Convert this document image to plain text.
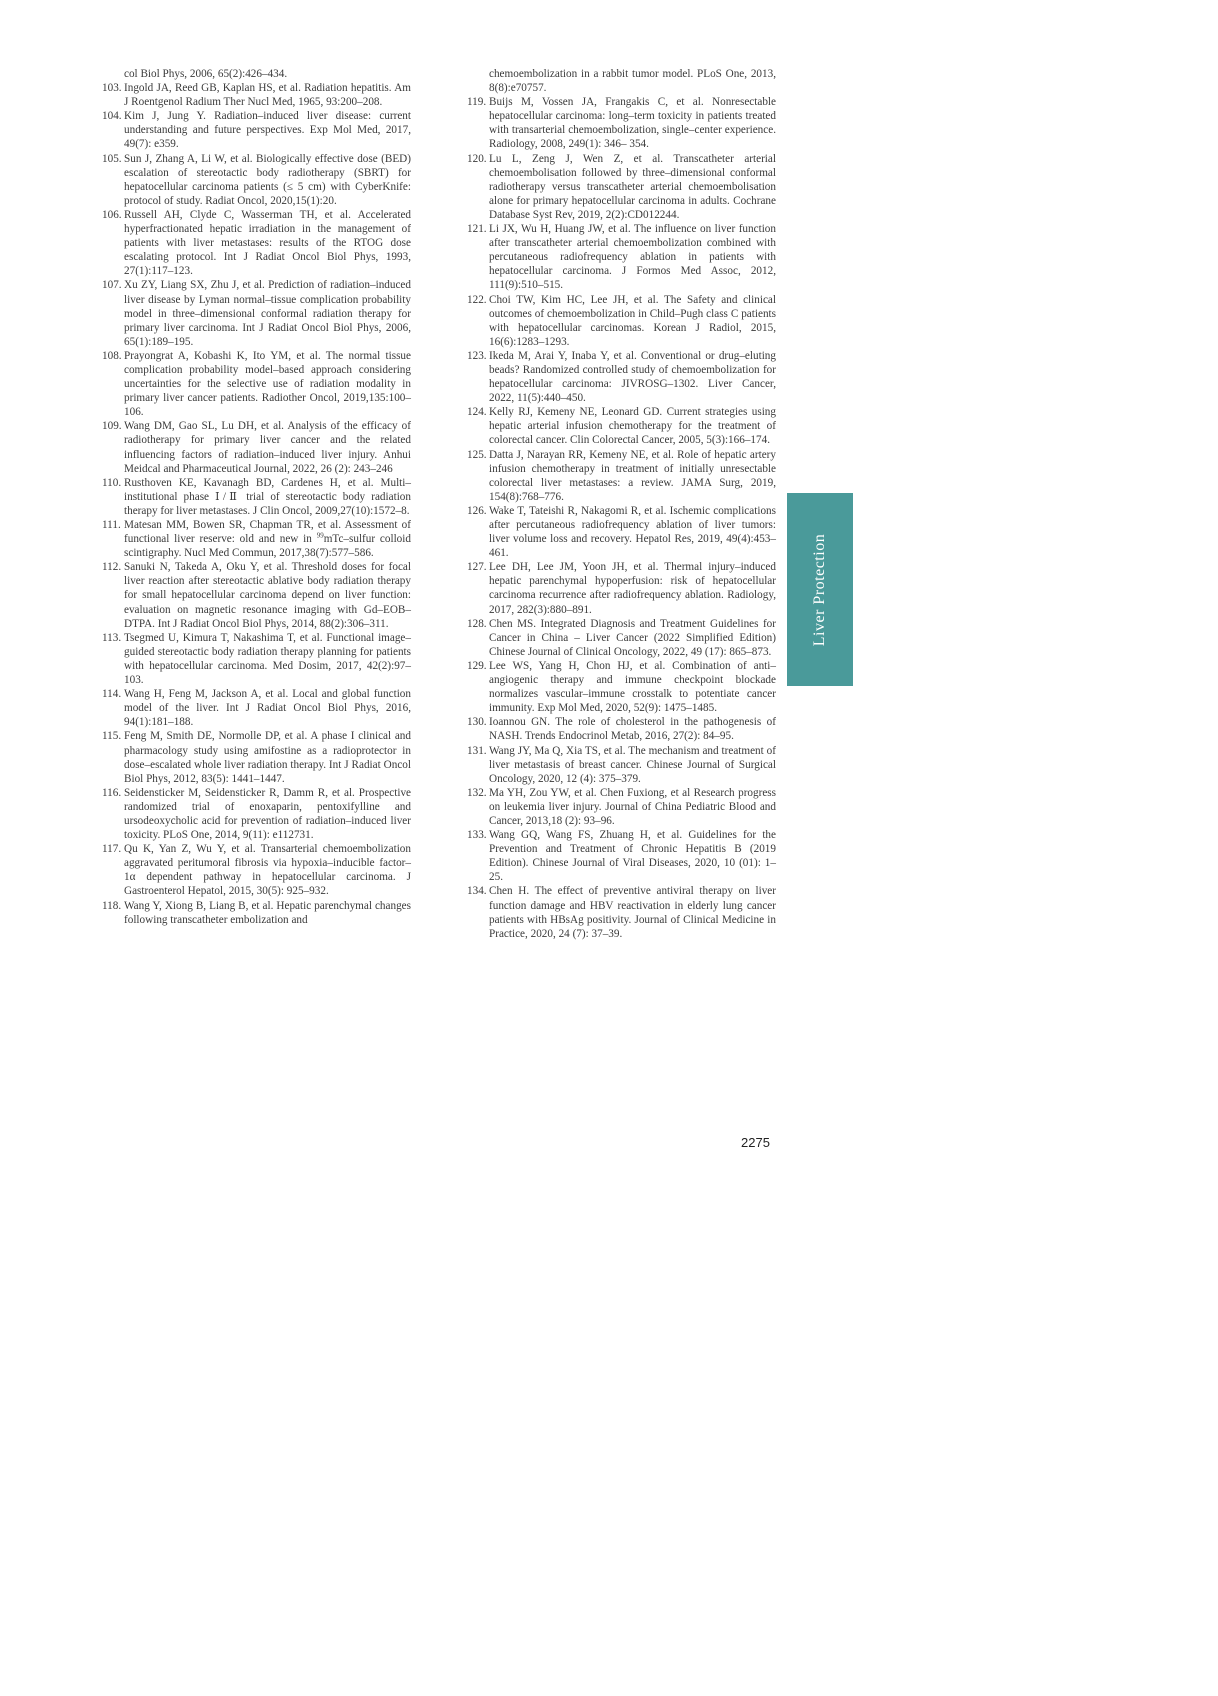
col Biol Phys, 2006, 65(2):426–434.
103. Ingold JA, Reed GB, Kaplan HS, et al. Radiation hepatitis. Am J Roentgenol Radium Ther Nucl Med, 1965, 93:200–208.
104. Kim J, Jung Y. Radiation–induced liver disease: current understanding and future perspectives. Exp Mol Med, 2017, 49(7): e359.
105. Sun J, Zhang A, Li W, et al. Biologically effective dose (BED) escalation of stereotactic body radiotherapy (SBRT) for hepatocellular carcinoma patients (≤ 5 cm) with CyberKnife: protocol of study. Radiat Oncol, 2020,15(1):20.
106. Russell AH, Clyde C, Wasserman TH, et al. Accelerated hyperfractionated hepatic irradiation in the management of patients with liver metastases: results of the RTOG dose escalating protocol. Int J Radiat Oncol Biol Phys, 1993, 27(1):117–123.
107. Xu ZY, Liang SX, Zhu J, et al. Prediction of radiation–induced liver disease by Lyman normal–tissue complication probability model in three–dimensional conformal radiation therapy for primary liver carcinoma. Int J Radiat Oncol Biol Phys, 2006, 65(1):189–195.
108. Prayongrat A, Kobashi K, Ito YM, et al. The normal tissue complication probability model–based approach considering uncertainties for the selective use of radiation modality in primary liver cancer patients. Radiother Oncol, 2019,135:100–106.
109. Wang DM, Gao SL, Lu DH, et al. Analysis of the efficacy of radiotherapy for primary liver cancer and the related influencing factors of radiation–induced liver injury. Anhui Meidcal and Pharmaceutical Journal, 2022, 26 (2): 243–246
110. Rusthoven KE, Kavanagh BD, Cardenes H, et al. Multi–institutional phase Ⅰ/Ⅱ trial of stereotactic body radiation therapy for liver metastases. J Clin Oncol, 2009,27(10):1572–8.
111. Matesan MM, Bowen SR, Chapman TR, et al. Assessment of functional liver reserve: old and new in $^{99}$mTc–sulfur colloid scintigraphy. Nucl Med Commun, 2017,38(7):577–586.
112. Sanuki N, Takeda A, Oku Y, et al. Threshold doses for focal liver reaction after stereotactic ablative body radiation therapy for small hepatocellular carcinoma depend on liver function: evaluation on magnetic resonance imaging with Gd–EOB–DTPA. Int J Radiat Oncol Biol Phys, 2014, 88(2):306–311.
113. Tsegmed U, Kimura T, Nakashima T, et al. Functional image–guided stereotactic body radiation therapy planning for patients with hepatocellular carcinoma. Med Dosim, 2017, 42(2):97–103.
114. Wang H, Feng M, Jackson A, et al. Local and global function model of the liver. Int J Radiat Oncol Biol Phys, 2016, 94(1):181–188.
115. Feng M, Smith DE, Normolle DP, et al. A phase I clinical and pharmacology study using amifostine as a radioprotector in dose–escalated whole liver radiation therapy. Int J Radiat Oncol Biol Phys, 2012, 83(5): 1441–1447.
116. Seidensticker M, Seidensticker R, Damm R, et al. Prospective randomized trial of enoxaparin, pentoxifylline and ursodeoxycholic acid for prevention of radiation–induced liver toxicity. PLoS One, 2014, 9(11): e112731.
117. Qu K, Yan Z, Wu Y, et al. Transarterial chemoembolization aggravated peritumoral fibrosis via hypoxia–inducible factor–1α dependent pathway in hepatocellular carcinoma. J Gastroenterol Hepatol, 2015, 30(5): 925–932.
118. Wang Y, Xiong B, Liang B, et al. Hepatic parenchymal changes following transcatheter embolization and
chemoembolization in a rabbit tumor model. PLoS One, 2013, 8(8):e70757.
119. Buijs M, Vossen JA, Frangakis C, et al. Nonresectable hepatocellular carcinoma: long–term toxicity in patients treated with transarterial chemoembolization, single–center experience. Radiology, 2008, 249(1): 346– 354.
120. Lu L, Zeng J, Wen Z, et al. Transcatheter arterial chemoembolisation followed by three–dimensional conformal radiotherapy versus transcatheter arterial chemoembolisation alone for primary hepatocellular carcinoma in adults. Cochrane Database Syst Rev, 2019, 2(2):CD012244.
121. Li JX, Wu H, Huang JW, et al. The influence on liver function after transcatheter arterial chemoembolization combined with percutaneous radiofrequency ablation in patients with hepatocellular carcinoma. J Formos Med Assoc, 2012, 111(9):510–515.
122. Choi TW, Kim HC, Lee JH, et al. The Safety and clinical outcomes of chemoembolization in Child–Pugh class C patients with hepatocellular carcinomas. Korean J Radiol, 2015, 16(6):1283–1293.
123. Ikeda M, Arai Y, Inaba Y, et al. Conventional or drug–eluting beads? Randomized controlled study of chemoembolization for hepatocellular carcinoma: JIVROSG–1302. Liver Cancer, 2022, 11(5):440–450.
124. Kelly RJ, Kemeny NE, Leonard GD. Current strategies using hepatic arterial infusion chemotherapy for the treatment of colorectal cancer. Clin Colorectal Cancer, 2005, 5(3):166–174.
125. Datta J, Narayan RR, Kemeny NE, et al. Role of hepatic artery infusion chemotherapy in treatment of initially unresectable colorectal liver metastases: a review. JAMA Surg, 2019, 154(8):768–776.
126. Wake T, Tateishi R, Nakagomi R, et al. Ischemic complications after percutaneous radiofrequency ablation of liver tumors: liver volume loss and recovery. Hepatol Res, 2019, 49(4):453–461.
127. Lee DH, Lee JM, Yoon JH, et al. Thermal injury–induced hepatic parenchymal hypoperfusion: risk of hepatocellular carcinoma recurrence after radiofrequency ablation. Radiology, 2017, 282(3):880–891.
128. Chen MS. Integrated Diagnosis and Treatment Guidelines for Cancer in China – Liver Cancer (2022 Simplified Edition) Chinese Journal of Clinical Oncology, 2022, 49 (17): 865–873.
129. Lee WS, Yang H, Chon HJ, et al. Combination of anti–angiogenic therapy and immune checkpoint blockade normalizes vascular–immune crosstalk to potentiate cancer immunity. Exp Mol Med, 2020, 52(9): 1475–1485.
130. Ioannou GN. The role of cholesterol in the pathogenesis of NASH. Trends Endocrinol Metab, 2016, 27(2): 84–95.
131. Wang JY, Ma Q, Xia TS, et al. The mechanism and treatment of liver metastasis of breast cancer. Chinese Journal of Surgical Oncology, 2020, 12 (4): 375–379.
132. Ma YH, Zou YW, et al. Chen Fuxiong, et al Research progress on leukemia liver injury. Journal of China Pediatric Blood and Cancer, 2013,18 (2): 93–96.
133. Wang GQ, Wang FS, Zhuang H, et al. Guidelines for the Prevention and Treatment of Chronic Hepatitis B (2019 Edition). Chinese Journal of Viral Diseases, 2020, 10 (01): 1–25.
134. Chen H. The effect of preventive antiviral therapy on liver function damage and HBV reactivation in elderly lung cancer patients with HBsAg positivity. Journal of Clinical Medicine in Practice, 2020, 24 (7): 37–39.
Liver Protection
2275
